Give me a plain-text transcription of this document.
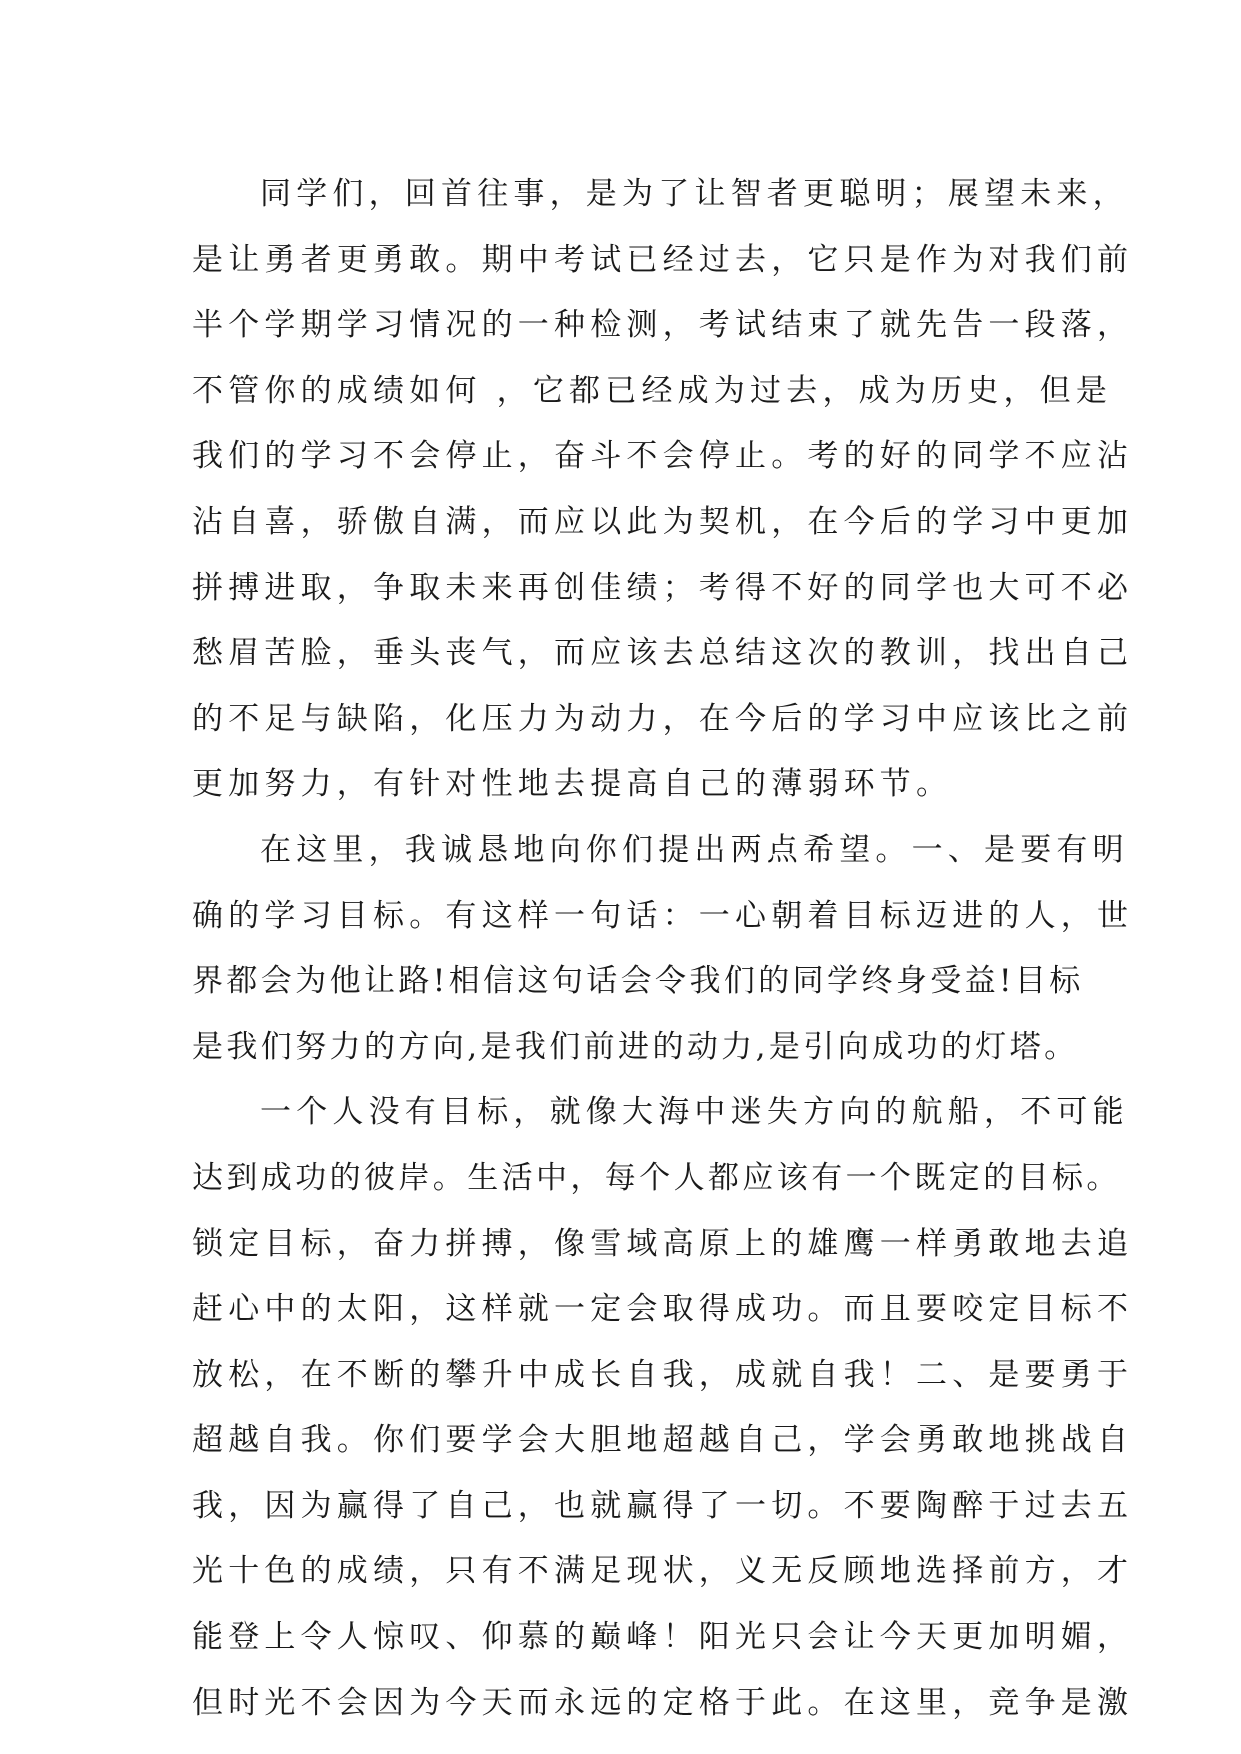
同学们，回首往事，是为了让智者更聪明；展望未来，
是让勇者更勇敢。期中考试已经过去，它只是作为对我们前
半个学期学习情况的一种检测，考试结束了就先告一段落，
不管你的成绩如何 ，它都已经成为过去，成为历史，但是
我们的学习不会停止，奋斗不会停止。考的好的同学不应沾
沾自喜，骄傲自满，而应以此为契机，在今后的学习中更加
拼搏进取，争取未来再创佳绩；考得不好的同学也大可不必
愁眉苦脸，垂头丧气，而应该去总结这次的教训，找出自己
的不足与缺陷，化压力为动力，在今后的学习中应该比之前
更加努力，有针对性地去提高自己的薄弱环节。
在这里，我诚恳地向你们提出两点希望。一、是要有明
确的学习目标。有这样一句话：一心朝着目标迈进的人，世
界都会为他让路!相信这句话会令我们的同学终身受益!目标
是我们努力的方向,是我们前进的动力,是引向成功的灯塔。
一个人没有目标，就像大海中迷失方向的航船，不可能
达到成功的彼岸。生活中，每个人都应该有一个既定的目标。
锁定目标，奋力拼搏，像雪域高原上的雄鹰一样勇敢地去追
赶心中的太阳，这样就一定会取得成功。而且要咬定目标不
放松，在不断的攀升中成长自我，成就自我！二、是要勇于
超越自我。你们要学会大胆地超越自己，学会勇敢地挑战自
我，因为赢得了自己，也就赢得了一切。不要陶醉于过去五
光十色的成绩，只有不满足现状，义无反顾地选择前方，才
能登上令人惊叹、仰慕的巅峰！阳光只会让今天更加明媚，
但时光不会因为今天而永远的定格于此。在这里，竞争是激
